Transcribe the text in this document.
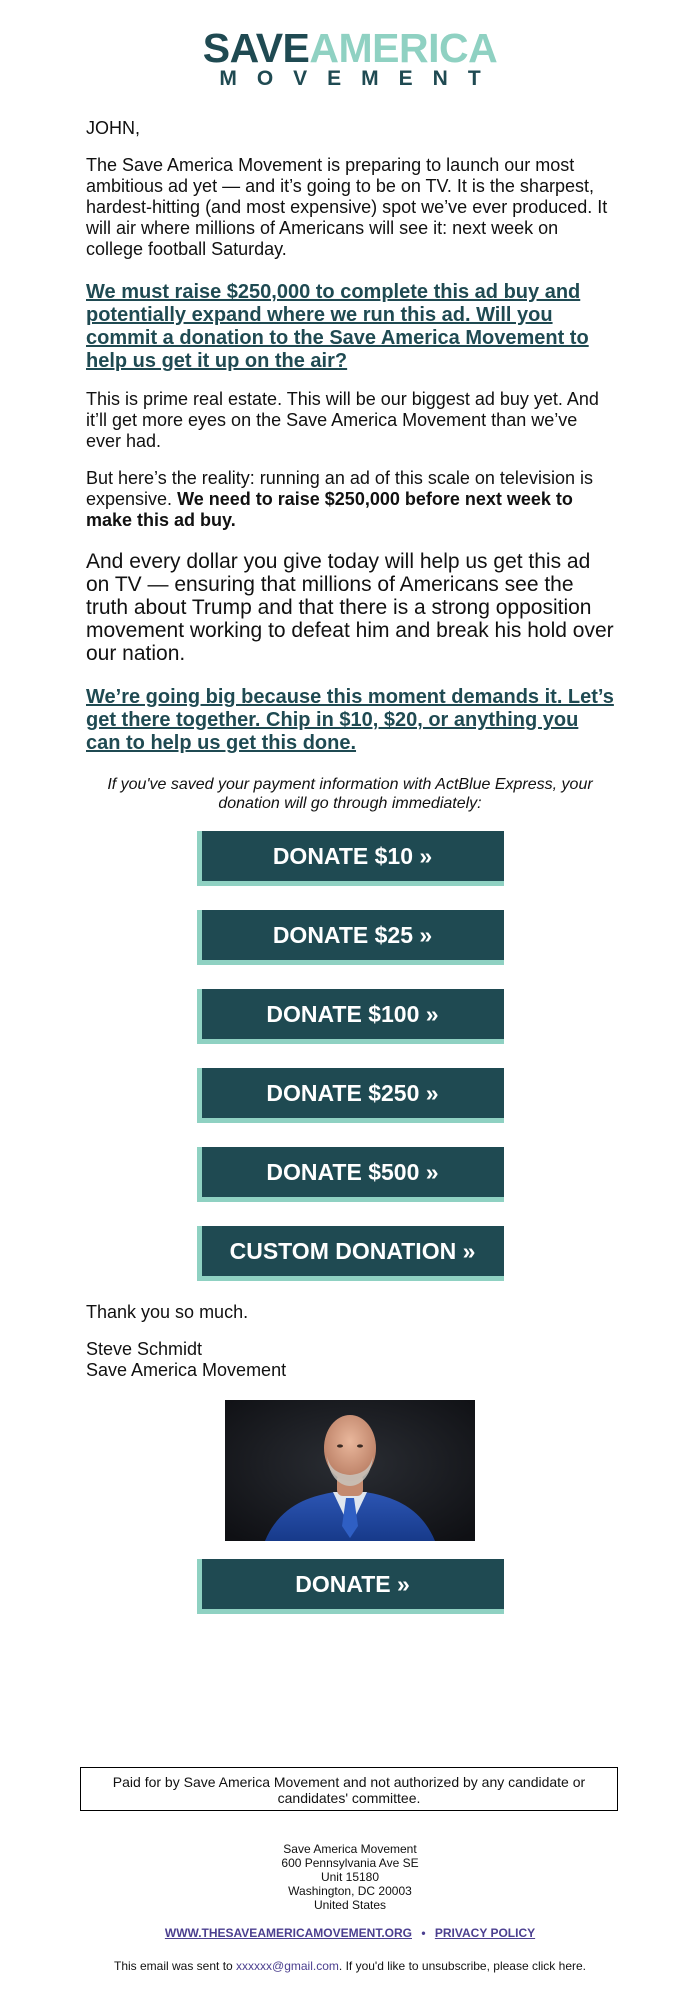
SAVEAMERICA
MOVEMENT

JOHN,

The Save America Movement is preparing to launch our most ambitious ad yet — and it’s going to be on TV. It is the sharpest, hardest-hitting (and most expensive) spot we’ve ever produced. It will air where millions of Americans will see it: next week on college football Saturday.

We must raise $250,000 to complete this ad buy and potentially expand where we run this ad. Will you commit a donation to the Save America Movement to help us get it up on the air?

This is prime real estate. This will be our biggest ad buy yet. And it’ll get more eyes on the Save America Movement than we’ve ever had.

But here’s the reality: running an ad of this scale on television is expensive. We need to raise $250,000 before next week to make this ad buy.

And every dollar you give today will help us get this ad on TV — ensuring that millions of Americans see the truth about Trump and that there is a strong opposition movement working to defeat him and break his hold over our nation.

We’re going big because this moment demands it. Let’s get there together. Chip in $10, $20, or anything you can to help us get this done.

If you've saved your payment information with ActBlue Express, your donation will go through immediately:

DONATE $10 »
DONATE $25 »
DONATE $100 »
DONATE $250 »
DONATE $500 »
CUSTOM DONATION »

Thank you so much.

Steve Schmidt
Save America Movement

DONATE »
Paid for by Save America Movement and not authorized by any candidate or candidates' committee.
Save America Movement
600 Pennsylvania Ave SE
Unit 15180
Washington, DC 20003
United States
WWW.THESAVEAMERICAMOVEMENT.ORG • PRIVACY POLICY
This email was sent to xxxxxx@gmail.com. If you'd like to unsubscribe, please click here.
